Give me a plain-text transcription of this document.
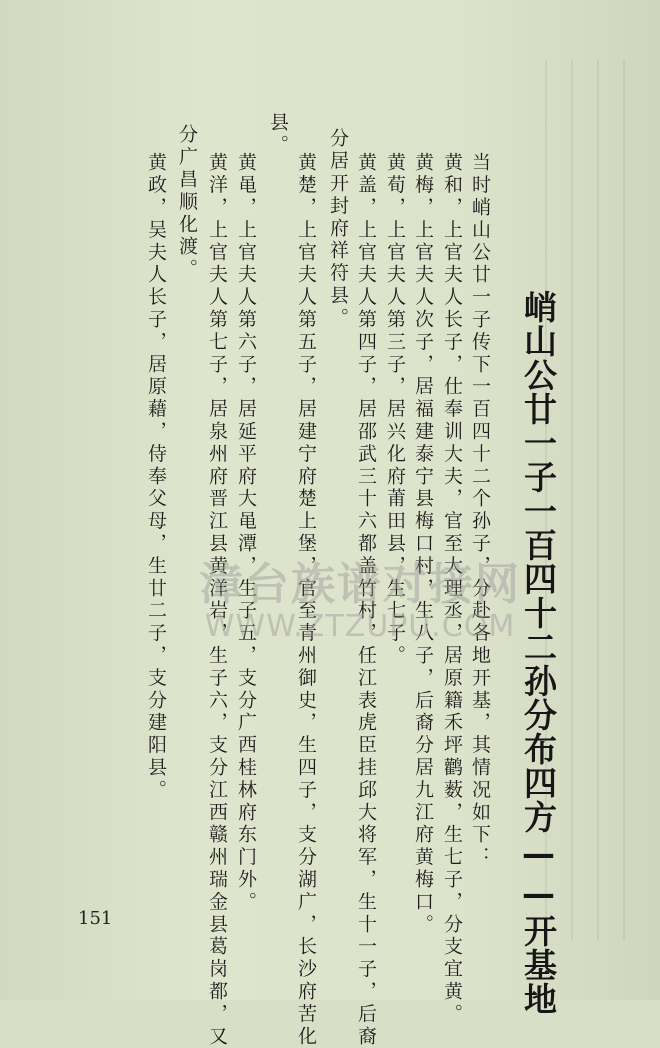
峭山公廿一子一百四十二孙分布四方——开基地
当时峭山公廿一子传下一百四十二个孙子，分赴各地开基，其情况如下：
黄和，上官夫人长子，仕奉训大夫，官至大理丞，居原籍禾坪鹳薮，生七子，分支宜黄。
黄梅，上官夫人次子，居福建泰宁县梅口村，生八子，后裔分居九江府黄梅口。
黄荀，上官夫人第三子，居兴化府莆田县，生七子。
黄盖，上官夫人第四子，居邵武三十六都盖竹村，任江表虎臣挂邱大将军，生十一子，后裔
分居开封府祥符县。
黄楚，上官夫人第五子，居建宁府楚上堡，官至青州御史，生四子，支分湖广，长沙府苦化
县。
黄黾，上官夫人第六子，居延平府大黾潭，生子五，支分广西桂林府东门外。
黄洋，上官夫人第七子，居泉州府晋江县黄洋岩，生子六，支分江西赣州瑞金县葛岗都，又
分广昌顺化渡。
黄政，吴夫人长子，居原藉，侍奉父母，生廿二子，支分建阳县。 漳台族谱对接网
WWW.ZTZUPU.COM
151
